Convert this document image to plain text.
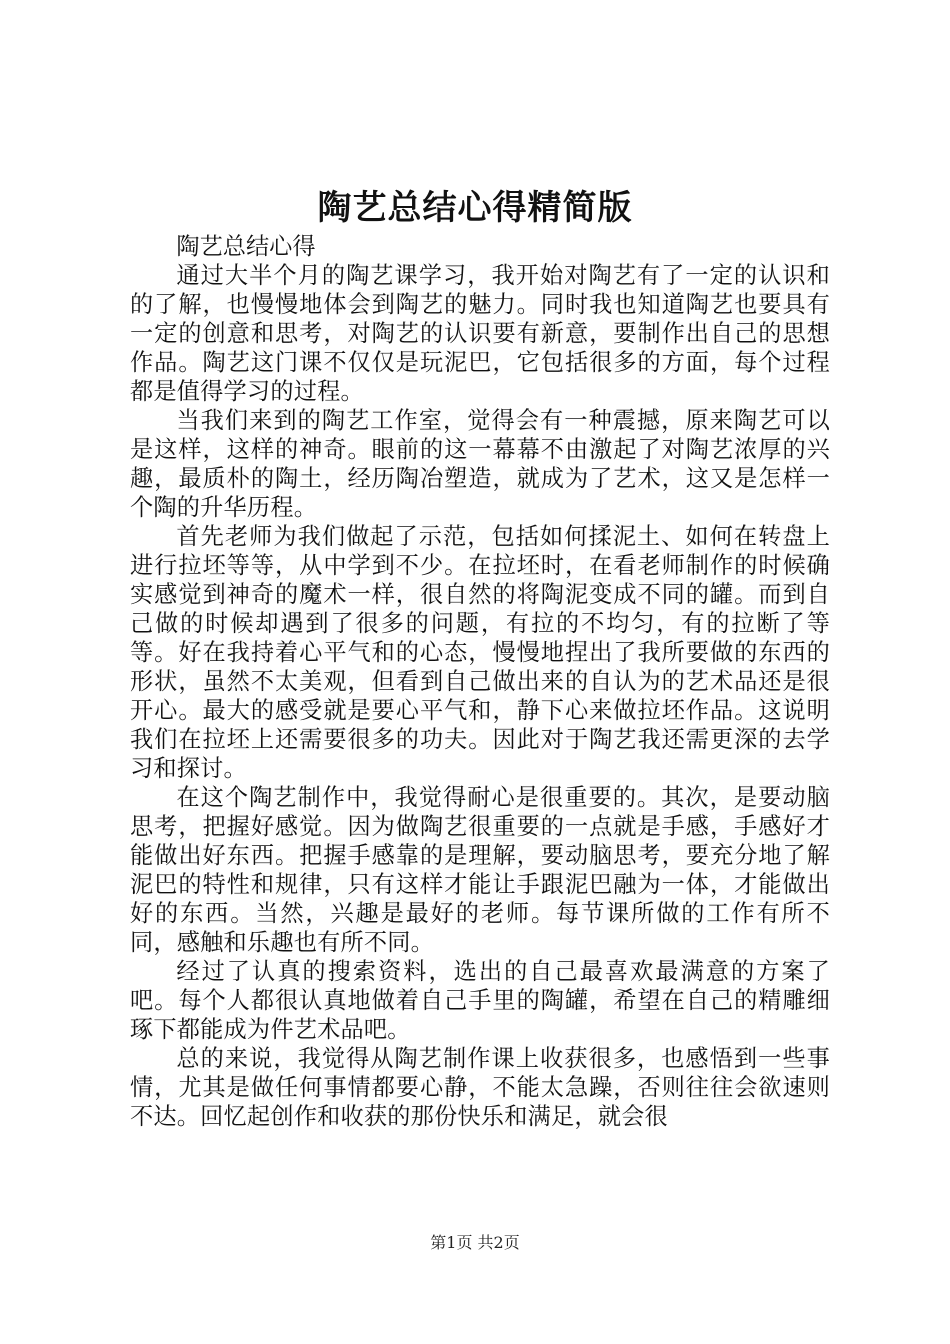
陶艺总结心得精简版

陶艺总结心得

通过大半个月的陶艺课学习，我开始对陶艺有了一定的认识和的了解，也慢慢地体会到陶艺的魅力。同时我也知道陶艺也要具有一定的创意和思考，对陶艺的认识要有新意，要制作出自己的思想作品。陶艺这门课不仅仅是玩泥巴，它包括很多的方面，每个过程都是值得学习的过程。

当我们来到的陶艺工作室，觉得会有一种震撼，原来陶艺可以是这样，这样的神奇。眼前的这一幕幕不由激起了对陶艺浓厚的兴趣，最质朴的陶土，经历陶冶塑造，就成为了艺术，这又是怎样一个陶的升华历程。

首先老师为我们做起了示范，包括如何揉泥土、如何在转盘上进行拉坯等等，从中学到不少。在拉坯时，在看老师制作的时候确实感觉到神奇的魔术一样，很自然的将陶泥变成不同的罐。而到自己做的时候却遇到了很多的问题，有拉的不均匀，有的拉断了等等。好在我持着心平气和的心态，慢慢地捏出了我所要做的东西的形状，虽然不太美观，但看到自己做出来的自认为的艺术品还是很开心。最大的感受就是要心平气和，静下心来做拉坯作品。这说明我们在拉坯上还需要很多的功夫。因此对于陶艺我还需更深的去学习和探讨。

在这个陶艺制作中，我觉得耐心是很重要的。其次，是要动脑思考，把握好感觉。因为做陶艺很重要的一点就是手感，手感好才能做出好东西。把握手感靠的是理解，要动脑思考，要充分地了解泥巴的特性和规律，只有这样才能让手跟泥巴融为一体，才能做出好的东西。当然，兴趣是最好的老师。每节课所做的工作有所不同，感触和乐趣也有所不同。

经过了认真的搜索资料，选出的自己最喜欢最满意的方案了吧。每个人都很认真地做着自己手里的陶罐，希望在自己的精雕细琢下都能成为件艺术品吧。

总的来说，我觉得从陶艺制作课上收获很多，也感悟到一些事情，尤其是做任何事情都要心静，不能太急躁，否则往往会欲速则不达。回忆起创作和收获的那份快乐和满足，就会很

第1页 共2页
